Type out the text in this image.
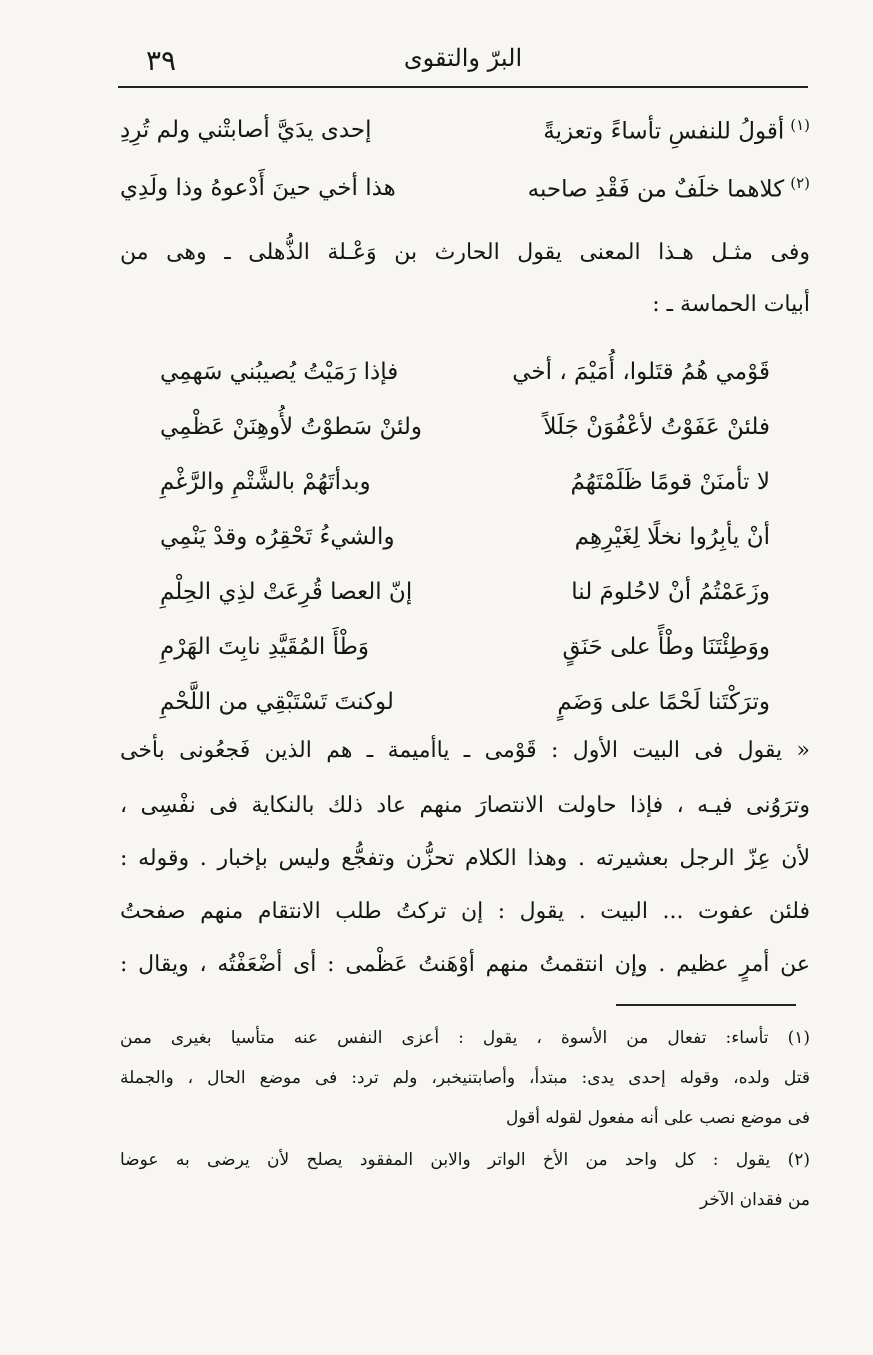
البرّ والتقوى
٣٩
$^{(١)}$أقولُ للنفسِ تأساءً وتعزيةً
إحدى يدَيَّ أصابتْني ولم تُرِدِ
$^{(٢)}$كلاهما خلَفٌ من فَقْدِ صاحبه
هذا أخي حينَ أَدْعوهُ وذا ولَدِي
وفى مثـل هـذا المعنى يقول الحارث بن وَعْـلة الذُّهلى ـ وهى من
أبيات الحماسة ـ :
قَوْمي هُمُ قتَلوا، أُمَيْمَ ، أخي
فإذا رَمَيْتُ يُصيبُني سَهمِي
فلئنْ عَفَوْتُ لأعْفُوَنْ جَلَلاً
ولئنْ سَطوْتُ لأُوهِنَنْ عَظْمِي
لا تأمنَنْ قومًا ظَلَمْتَهُمُ
وبدأتَهُمْ بالشَّتْمِ والرَّغْمِ
أنْ يأبِرُوا نخلًا لِغَيْرِهِم
والشيءُ تَحْقِرُه وقدْ يَنْمِي
وزَعَمْتُمُ أنْ لاحُلومَ لنا
إنّ العصا قُرِعَتْ لذِي الحِلْمِ
ووَطِئْتَنَا وطْأً على حَنَقٍ
وَطْأَ المُقَيَّدِ نابِتَ الهَرْمِ
وترَكْتَنا لَحْمًا على وَضَمٍ
لوكنتَ تَسْتَبْقِي من اللَّحْمِ
« يقول فى البيت الأول : قَوْمى ـ ياأميمة ـ هم الذين فَجعُونى بأخى
وترَوُنى فيـه ، فإذا حاولت الانتصارَ منهم عاد ذلك بالنكاية فى نفْسِى ،
لأن عِزّ الرجل بعشيرته . وهذا الكلام تحزُّن وتفجُّع وليس بإخبار . وقوله :
فلئن عفوت ... البيت . يقول : إن تركتُ طلب الانتقام منهم صفحتُ
عن أمرٍ عظيم . وإن انتقمتُ منهم أوْهَنتُ عَظْمى : أى أضْعَفْتُه ، ويقال :
(١) تأساء: تفعال من الأسوة ، يقول : أعزى النفس عنه متأسيا بغيرى ممن
قتل ولده، وقوله إحدى يدى: مبتدأ، وأصابتنيخبر، ولم ترد: فى موضع الحال ، والجملة
فى موضع نصب على أنه مفعول لقوله أقول
(٢) يقول : كل واحد من الأخ الواتر والابن المفقود يصلح لأن يرضى به عوضا
من فقدان الآخر
